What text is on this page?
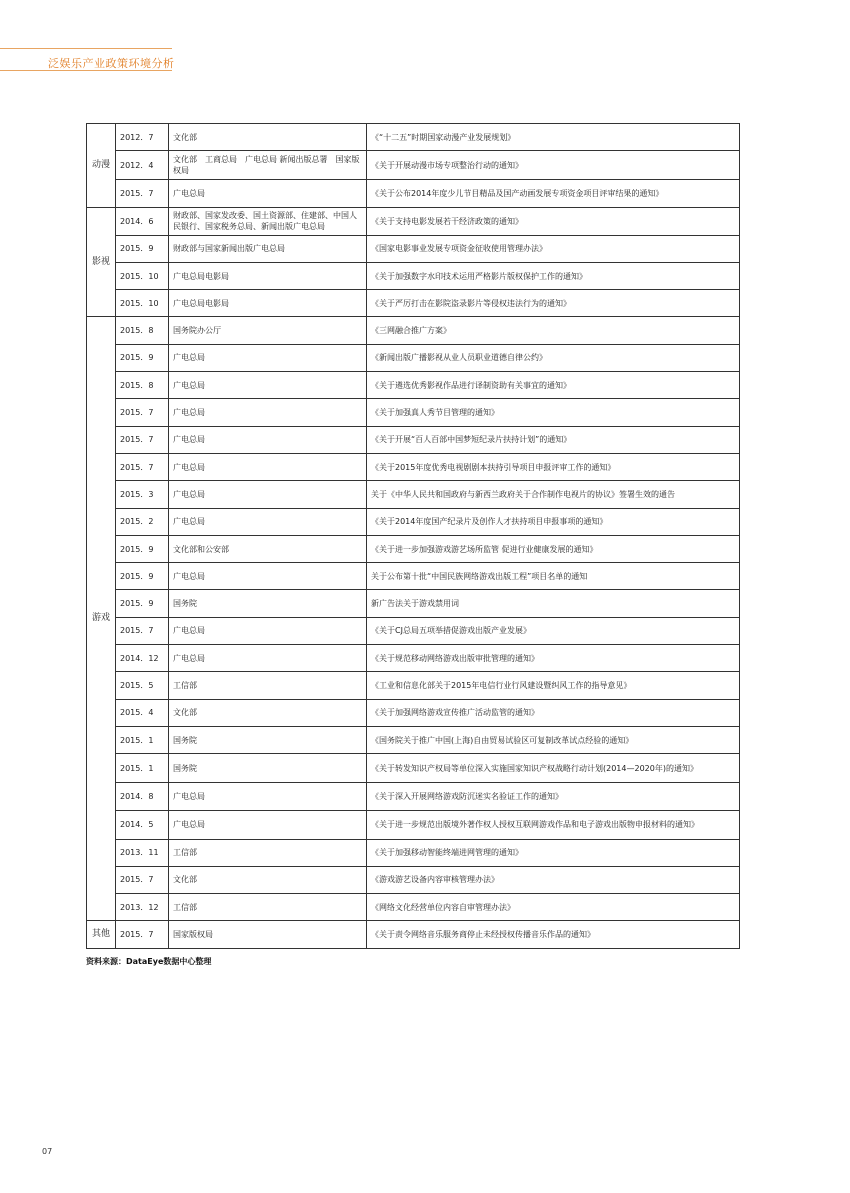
泛娱乐产业政策环境分析
动漫	2012．7	文化部	《“十二五”时期国家动漫产业发展规划》
	2012．4	文化部　工商总局　广电总局 新闻出版总署　国家版权局	《关于开展动漫市场专项整治行动的通知》
	2015．7	广电总局	《关于公布2014年度少儿节目精品及国产动画发展专项资金项目评审结果的通知》
影视	2014．6	财政部、国家发改委、国土资源部、住建部、中国人民银行、国家税务总局、新闻出版广电总局	《关于支持电影发展若干经济政策的通知》
	2015．9	财政部与国家新闻出版广电总局	《国家电影事业发展专项资金征收使用管理办法》
	2015．10	广电总局电影局	《关于加强数字水印技术运用严格影片版权保护工作的通知》
	2015．10	广电总局电影局	《关于严厉打击在影院盗录影片等侵权违法行为的通知》
游戏	2015．8	国务院办公厅	《三网融合推广方案》
	2015．9	广电总局	《新闻出版广播影视从业人员职业道德自律公约》
	2015．8	广电总局	《关于遴选优秀影视作品进行译制资助有关事宜的通知》
	2015．7	广电总局	《关于加强真人秀节目管理的通知》
	2015．7	广电总局	《关于开展“百人百部中国梦短纪录片扶持计划”的通知》
	2015．7	广电总局	《关于2015年度优秀电视剧剧本扶持引导项目申报评审工作的通知》
	2015．3	广电总局	关于《中华人民共和国政府与新西兰政府关于合作制作电视片的协议》签署生效的通告
	2015．2	广电总局	《关于2014年度国产纪录片及创作人才扶持项目申报事项的通知》
	2015．9	文化部和公安部	《关于进一步加强游戏游艺场所监管 促进行业健康发展的通知》
	2015．9	广电总局	关于公布第十批“中国民族网络游戏出版工程”项目名单的通知
	2015．9	国务院	新广告法关于游戏禁用词
	2015．7	广电总局	《关于CJ总局五项举措促游戏出版产业发展》
	2014．12	广电总局	《关于规范移动网络游戏出版审批管理的通知》
	2015．5	工信部	《工业和信息化部关于2015年电信行业行风建设暨纠风工作的指导意见》
	2015．4	文化部	《关于加强网络游戏宣传推广活动监管的通知》
	2015．1	国务院	《国务院关于推广中国(上海)自由贸易试验区可复制改革试点经验的通知》
	2015．1	国务院	《关于转发知识产权局等单位深入实施国家知识产权战略行动计划(2014—2020年)的通知》
	2014．8	广电总局	《关于深入开展网络游戏防沉迷实名验证工作的通知》
	2014．5	广电总局	《关于进一步规范出版境外著作权人授权互联网游戏作品和电子游戏出版物申报材料的通知》
	2013．11	工信部	《关于加强移动智能终端进网管理的通知》
	2015．7	文化部	《游戏游艺设备内容审核管理办法》
	2013．12	工信部	《网络文化经营单位内容自审管理办法》
其他	2015．7	国家版权局	《关于责令网络音乐服务商停止未经授权传播音乐作品的通知》
资料来源：DataEye数据中心整理
07
